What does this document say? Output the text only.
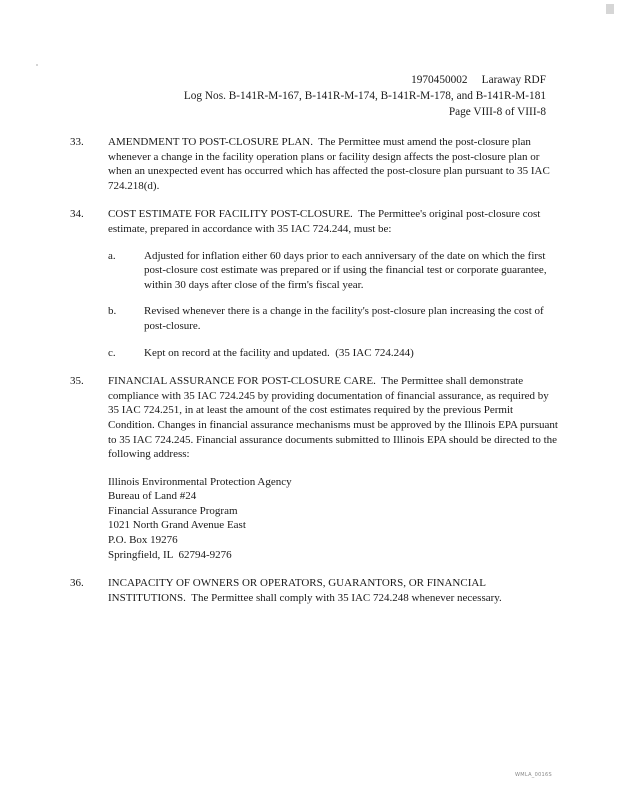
1970450002     Laraway RDF
Log Nos. B-141R-M-167, B-141R-M-174, B-141R-M-178, and B-141R-M-181
Page VIII-8 of VIII-8
33.	AMENDMENT TO POST-CLOSURE PLAN. The Permittee must amend the post-closure plan whenever a change in the facility operation plans or facility design affects the post-closure plan or when an unexpected event has occurred which has affected the post-closure plan pursuant to 35 IAC 724.218(d).
34.	COST ESTIMATE FOR FACILITY POST-CLOSURE. The Permittee's original post-closure cost estimate, prepared in accordance with 35 IAC 724.244, must be:
a.	Adjusted for inflation either 60 days prior to each anniversary of the date on which the first post-closure cost estimate was prepared or if using the financial test or corporate guarantee, within 30 days after close of the firm's fiscal year.
b.	Revised whenever there is a change in the facility's post-closure plan increasing the cost of post-closure.
c.	Kept on record at the facility and updated.  (35 IAC 724.244)
35.	FINANCIAL ASSURANCE FOR POST-CLOSURE CARE. The Permittee shall demonstrate compliance with 35 IAC 724.245 by providing documentation of financial assurance, as required by 35 IAC 724.251, in at least the amount of the cost estimates required by the previous Permit Condition. Changes in financial assurance mechanisms must be approved by the Illinois EPA pursuant to 35 IAC 724.245. Financial assurance documents submitted to Illinois EPA should be directed to the following address:
Illinois Environmental Protection Agency
Bureau of Land #24
Financial Assurance Program
1021 North Grand Avenue East
P.O. Box 19276
Springfield, IL  62794-9276
36.	INCAPACITY OF OWNERS OR OPERATORS, GUARANTORS, OR FINANCIAL INSTITUTIONS. The Permittee shall comply with 35 IAC 724.248 whenever necessary.
WMLA_0016S
